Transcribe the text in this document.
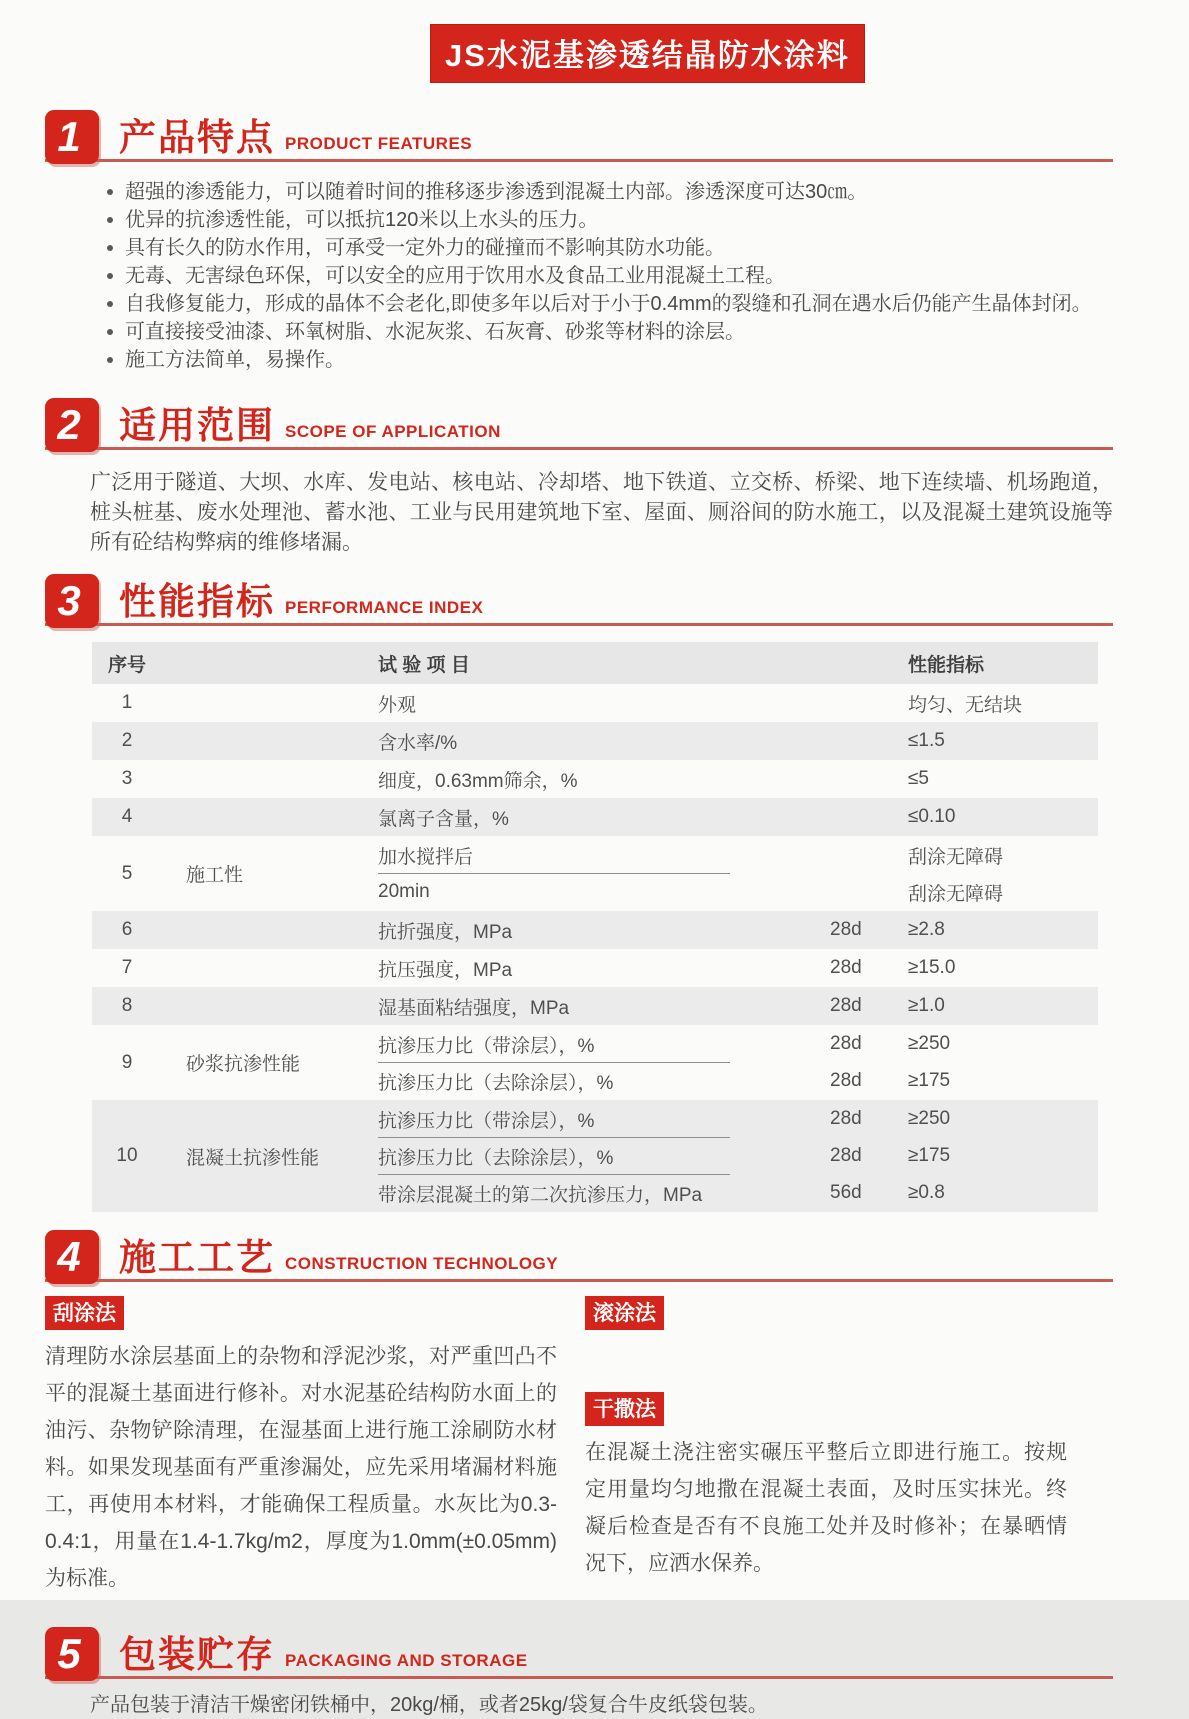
JS水泥基渗透结晶防水涂料
1	产品特点 PRODUCT FEATURES
超强的渗透能力，可以随着时间的推移逐步渗透到混凝土内部。渗透深度可达30㎝。
优异的抗渗透性能，可以抵抗120米以上水头的压力。
具有长久的防水作用，可承受一定外力的碰撞而不影响其防水功能。
无毒、无害绿色环保，可以安全的应用于饮用水及食品工业用混凝土工程。
自我修复能力，形成的晶体不会老化,即使多年以后对于小于0.4mm的裂缝和孔洞在遇水后仍能产生晶体封闭。
可直接接受油漆、环氧树脂、水泥灰浆、石灰膏、砂浆等材料的涂层。
施工方法简单，易操作。
2	适用范围 SCOPE OF APPLICATION

广泛用于隧道、大坝、水库、发电站、核电站、冷却塔、地下铁道、立交桥、桥梁、地下连续墙、机场跑道，桩头桩基、废水处理池、蓄水池、工业与民用建筑地下室、屋面、厕浴间的防水施工，以及混凝土建筑设施等所有砼结构弊病的维修堵漏。

3	性能指标 PERFORMANCE INDEX
序号	试 验 项 目	性能指标
1	外观	均匀、无结块
2	含水率/%	≤1.5
3	细度，0.63mm筛余，%	≤5
4	氯离子含量，%	≤0.10
5	施工性
加水搅拌后	刮涂无障碍
20min	刮涂无障碍
6	抗折强度，MPa	28d	≥2.8
7	抗压强度，MPa	28d	≥15.0
8	湿基面粘结强度，MPa	28d	≥1.0
9	砂浆抗渗性能
抗渗压力比（带涂层），%	28d	≥250
抗渗压力比（去除涂层），%	28d	≥175
10	混凝土抗渗性能
抗渗压力比（带涂层），%	28d	≥250
抗渗压力比（去除涂层），%	28d	≥175
带涂层混凝土的第二次抗渗压力，MPa	56d	≥0.8
4	施工工艺 CONSTRUCTION TECHNOLOGY
刮涂法

清理防水涂层基面上的杂物和浮泥沙浆，对严重凹凸不平的混凝土基面进行修补。对水泥基砼结构防水面上的油污、杂物铲除清理，在湿基面上进行施工涂刷防水材料。如果发现基面有严重渗漏处，应先采用堵漏材料施工，再使用本材料，才能确保工程质量。水灰比为0.3-0.4:1，用量在1.4-1.7kg/m2，厚度为1.0mm(±0.05mm)为标准。

滚涂法
干撒法

在混凝土浇注密实碾压平整后立即进行施工。按规定用量均匀地撒在混凝土表面，及时压实抹光。终凝后检查是否有不良施工处并及时修补；在暴晒情况下，应洒水保养。

5	包装贮存 PACKAGING AND STORAGE

产品包装于清洁干燥密闭铁桶中，20kg/桶，或者25kg/袋复合牛皮纸袋包装。
